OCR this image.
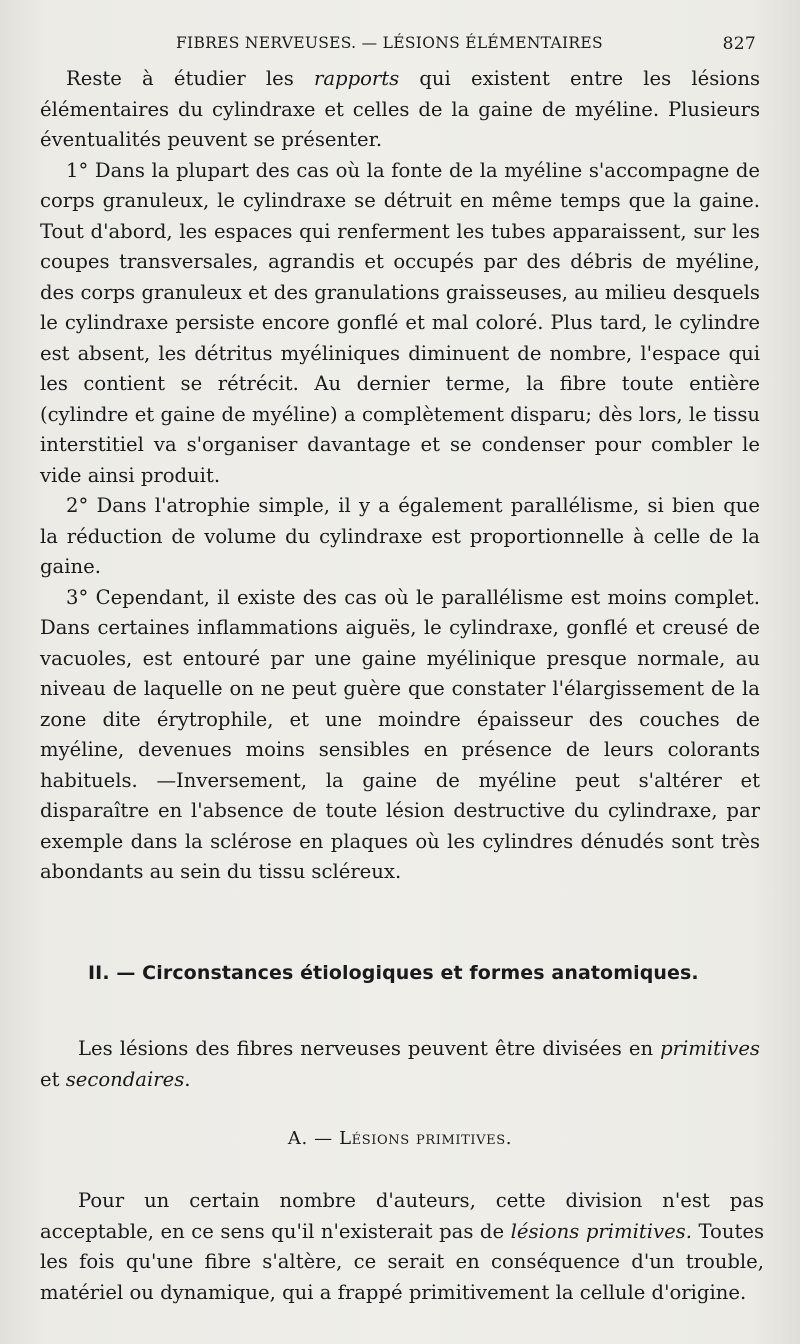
FIBRES NERVEUSES. — LÉSIONS ÉLÉMENTAIRES	827

Reste à étudier les rapports qui existent entre les lésions élémentaires du cylindraxe et celles de la gaine de myéline. Plusieurs éventualités peuvent se présenter.

1° Dans la plupart des cas où la fonte de la myéline s'accompagne de corps granuleux, le cylindraxe se détruit en même temps que la gaine. Tout d'abord, les espaces qui renferment les tubes apparaissent, sur les coupes transversales, agrandis et occupés par des débris de myéline, des corps granuleux et des granulations graisseuses, au milieu desquels le cylindraxe persiste encore gonflé et mal coloré. Plus tard, le cylindre est absent, les détritus myéliniques diminuent de nombre, l'espace qui les contient se rétrécit. Au dernier terme, la fibre toute entière (cylindre et gaine de myéline) a complètement disparu; dès lors, le tissu interstitiel va s'organiser davantage et se condenser pour combler le vide ainsi produit.

2° Dans l'atrophie simple, il y a également parallélisme, si bien que la réduction de volume du cylindraxe est proportionnelle à celle de la gaine.

3° Cependant, il existe des cas où le parallélisme est moins complet. Dans certaines inflammations aiguës, le cylindraxe, gonflé et creusé de vacuoles, est entouré par une gaine myélinique presque normale, au niveau de laquelle on ne peut guère que constater l'élargissement de la zone dite érytrophile, et une moindre épaisseur des couches de myéline, devenues moins sensibles en présence de leurs colorants habituels. —Inversement, la gaine de myéline peut s'altérer et disparaître en l'absence de toute lésion destructive du cylindraxe, par exemple dans la sclérose en plaques où les cylindres dénudés sont très abondants au sein du tissu scléreux.

II. — Circonstances étiologiques et formes anatomiques.

Les lésions des fibres nerveuses peuvent être divisées en primitives et secondaires.

A. — Lésions primitives.

Pour un certain nombre d'auteurs, cette division n'est pas acceptable, en ce sens qu'il n'existerait pas de lésions primitives. Toutes les fois qu'une fibre s'altère, ce serait en conséquence d'un trouble, matériel ou dynamique, qui a frappé primitivement la cellule d'origine.
